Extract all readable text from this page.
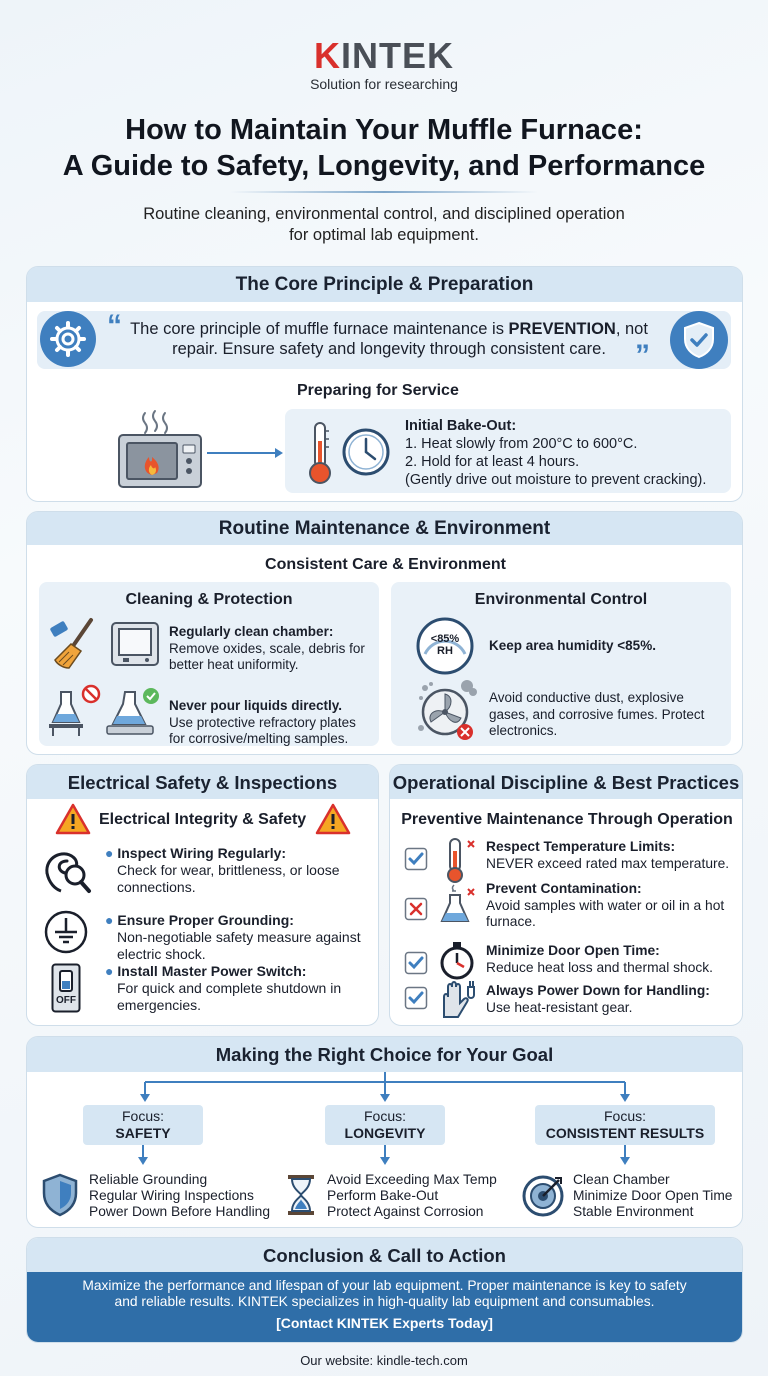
KINTEK
Solution for researching
How to Maintain Your Muffle Furnace:
A Guide to Safety, Longevity, and Performance
Routine cleaning, environmental control, and disciplined operation
for optimal lab equipment.
The Core Principle & Preparation
“ The core principle of muffle furnace maintenance is PREVENTION, not repair. Ensure safety and longevity through consistent care. ”
Preparing for Service
Initial Bake-Out:
1. Heat slowly from 200°C to 600°C.
2. Hold for at least 4 hours.
(Gently drive out moisture to prevent cracking).
Routine Maintenance & Environment
Consistent Care & Environment
Cleaning & Protection
Regularly clean chamber:
Remove oxides, scale, debris for better heat uniformity.
Never pour liquids directly.
Use protective refractory plates for corrosive/melting samples.
Environmental Control
<85%
RH	Keep area humidity <85%.
Avoid conductive dust, explosive gases, and corrosive fumes. Protect electronics.
Electrical Safety & Inspections
Electrical Integrity & Safety
OFF
● Inspect Wiring Regularly:
Check for wear, brittleness, or loose connections.
● Ensure Proper Grounding:
Non-negotiable safety measure against electric shock.
● Install Master Power Switch:
For quick and complete shutdown in emergencies.
Operational Discipline & Best Practices
Preventive Maintenance Through Operation
Respect Temperature Limits:
NEVER exceed rated max temperature.
Prevent Contamination:
Avoid samples with water or oil in a hot furnace.
Minimize Door Open Time:
Reduce heat loss and thermal shock.
Always Power Down for Handling:
Use heat-resistant gear.
Making the Right Choice for Your Goal
Focus:
SAFETY
Focus:
LONGEVITY
Focus:
CONSISTENT RESULTS
Reliable Grounding
Regular Wiring Inspections
Power Down Before Handling
Avoid Exceeding Max Temp
Perform Bake-Out
Protect Against Corrosion
Clean Chamber
Minimize Door Open Time
Stable Environment
Conclusion & Call to Action
Maximize the performance and lifespan of your lab equipment. Proper maintenance is key to safety
and reliable results. KINTEK specializes in high-quality lab equipment and consumables.
[Contact KINTEK Experts Today]
Our website: kindle-tech.com
